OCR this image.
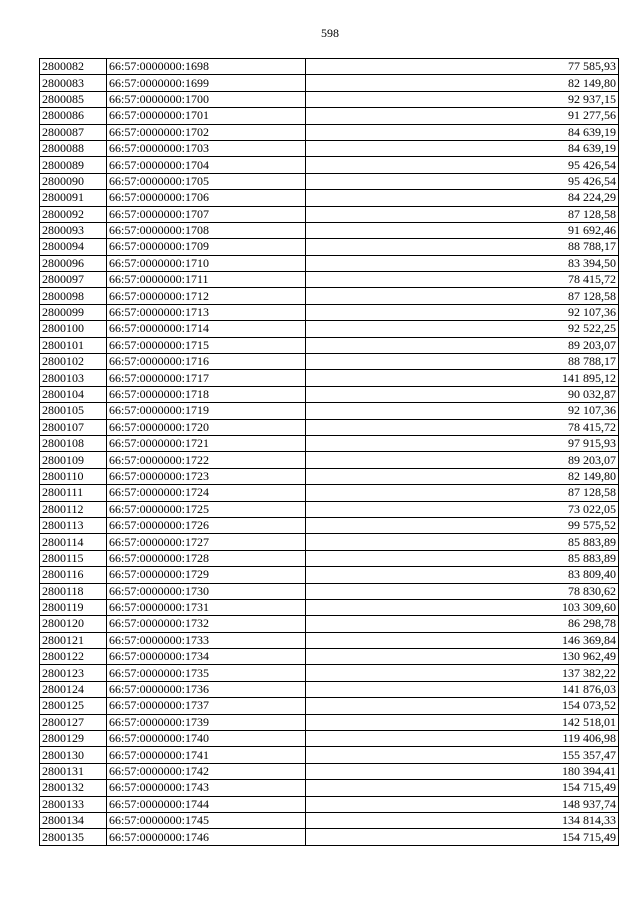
598
2800082	66:57:0000000:1698	77 585,93
2800083	66:57:0000000:1699	82 149,80
2800085	66:57:0000000:1700	92 937,15
2800086	66:57:0000000:1701	91 277,56
2800087	66:57:0000000:1702	84 639,19
2800088	66:57:0000000:1703	84 639,19
2800089	66:57:0000000:1704	95 426,54
2800090	66:57:0000000:1705	95 426,54
2800091	66:57:0000000:1706	84 224,29
2800092	66:57:0000000:1707	87 128,58
2800093	66:57:0000000:1708	91 692,46
2800094	66:57:0000000:1709	88 788,17
2800096	66:57:0000000:1710	83 394,50
2800097	66:57:0000000:1711	78 415,72
2800098	66:57:0000000:1712	87 128,58
2800099	66:57:0000000:1713	92 107,36
2800100	66:57:0000000:1714	92 522,25
2800101	66:57:0000000:1715	89 203,07
2800102	66:57:0000000:1716	88 788,17
2800103	66:57:0000000:1717	141 895,12
2800104	66:57:0000000:1718	90 032,87
2800105	66:57:0000000:1719	92 107,36
2800107	66:57:0000000:1720	78 415,72
2800108	66:57:0000000:1721	97 915,93
2800109	66:57:0000000:1722	89 203,07
2800110	66:57:0000000:1723	82 149,80
2800111	66:57:0000000:1724	87 128,58
2800112	66:57:0000000:1725	73 022,05
2800113	66:57:0000000:1726	99 575,52
2800114	66:57:0000000:1727	85 883,89
2800115	66:57:0000000:1728	85 883,89
2800116	66:57:0000000:1729	83 809,40
2800118	66:57:0000000:1730	78 830,62
2800119	66:57:0000000:1731	103 309,60
2800120	66:57:0000000:1732	86 298,78
2800121	66:57:0000000:1733	146 369,84
2800122	66:57:0000000:1734	130 962,49
2800123	66:57:0000000:1735	137 382,22
2800124	66:57:0000000:1736	141 876,03
2800125	66:57:0000000:1737	154 073,52
2800127	66:57:0000000:1739	142 518,01
2800129	66:57:0000000:1740	119 406,98
2800130	66:57:0000000:1741	155 357,47
2800131	66:57:0000000:1742	180 394,41
2800132	66:57:0000000:1743	154 715,49
2800133	66:57:0000000:1744	148 937,74
2800134	66:57:0000000:1745	134 814,33
2800135	66:57:0000000:1746	154 715,49
